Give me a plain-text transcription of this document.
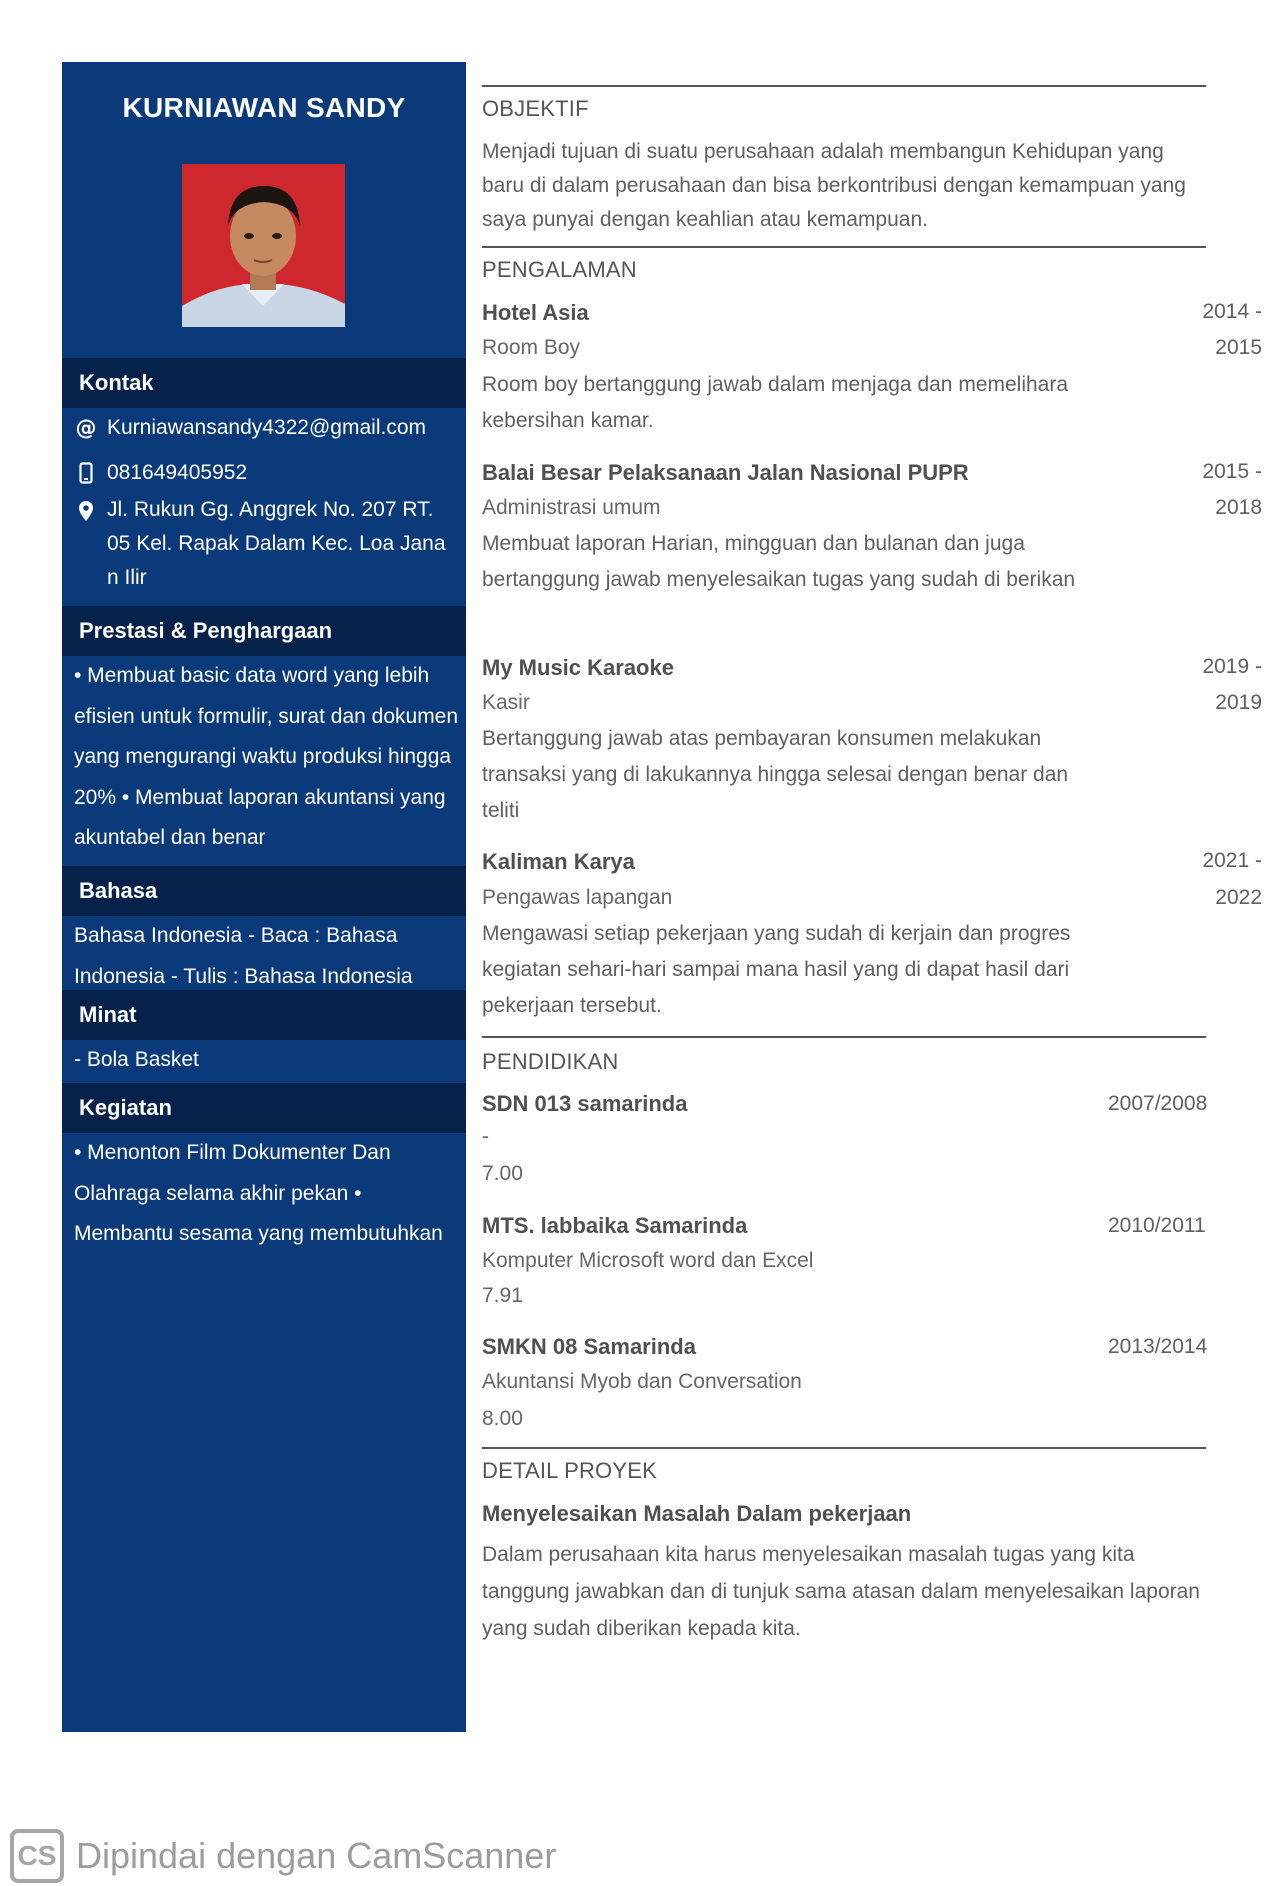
KURNIAWAN SANDY
Kontak
@ Kurniawansandy4322@gmail.com
081649405952
Jl. Rukun Gg. Anggrek No. 207 RT. 05 Kel. Rapak Dalam Kec. Loa Jana n Ilir
Prestasi & Penghargaan
• Membuat basic data word yang lebih efisien untuk formulir, surat dan dokumen yang mengurangi waktu produksi hingga 20% • Membuat laporan akuntansi yang akuntabel dan benar
Bahasa
Bahasa Indonesia - Baca : Bahasa Indonesia - Tulis : Bahasa Indonesia
Minat
- Bola Basket
Kegiatan
• Menonton Film Dokumenter Dan Olahraga selama akhir pekan • Membantu sesama yang membutuhkan
OBJEKTIF
Menjadi tujuan di suatu perusahaan adalah membangun Kehidupan yang baru di dalam perusahaan dan bisa berkontribusi dengan kemampuan yang saya punyai dengan keahlian atau kemampuan.
PENGALAMAN
Hotel Asia	2014 -
Room Boy	2015
Room boy bertanggung jawab dalam menjaga dan memelihara kebersihan kamar.
Balai Besar Pelaksanaan Jalan Nasional PUPR	2015 -
Administrasi umum	2018
Membuat laporan Harian, mingguan dan bulanan dan juga bertanggung jawab menyelesaikan tugas yang sudah di berikan
My Music Karaoke	2019 -
Kasir	2019
Bertanggung jawab atas pembayaran konsumen melakukan transaksi yang di lakukannya hingga selesai dengan benar dan teliti
Kaliman Karya	2021 -
Pengawas lapangan	2022
Mengawasi setiap pekerjaan yang sudah di kerjain dan progres kegiatan sehari-hari sampai mana hasil yang di dapat hasil dari pekerjaan tersebut.
PENDIDIKAN
SDN 013 samarinda	2007/2008
-
7.00
MTS. labbaika Samarinda	2010/2011
Komputer Microsoft word dan Excel
7.91
SMKN 08 Samarinda	2013/2014
Akuntansi Myob dan Conversation
8.00
DETAIL PROYEK
Menyelesaikan Masalah Dalam pekerjaan
Dalam perusahaan kita harus menyelesaikan masalah tugas yang kita tanggung jawabkan dan di tunjuk sama atasan dalam menyelesaikan laporan yang sudah diberikan kepada kita.
CS Dipindai dengan CamScanner
